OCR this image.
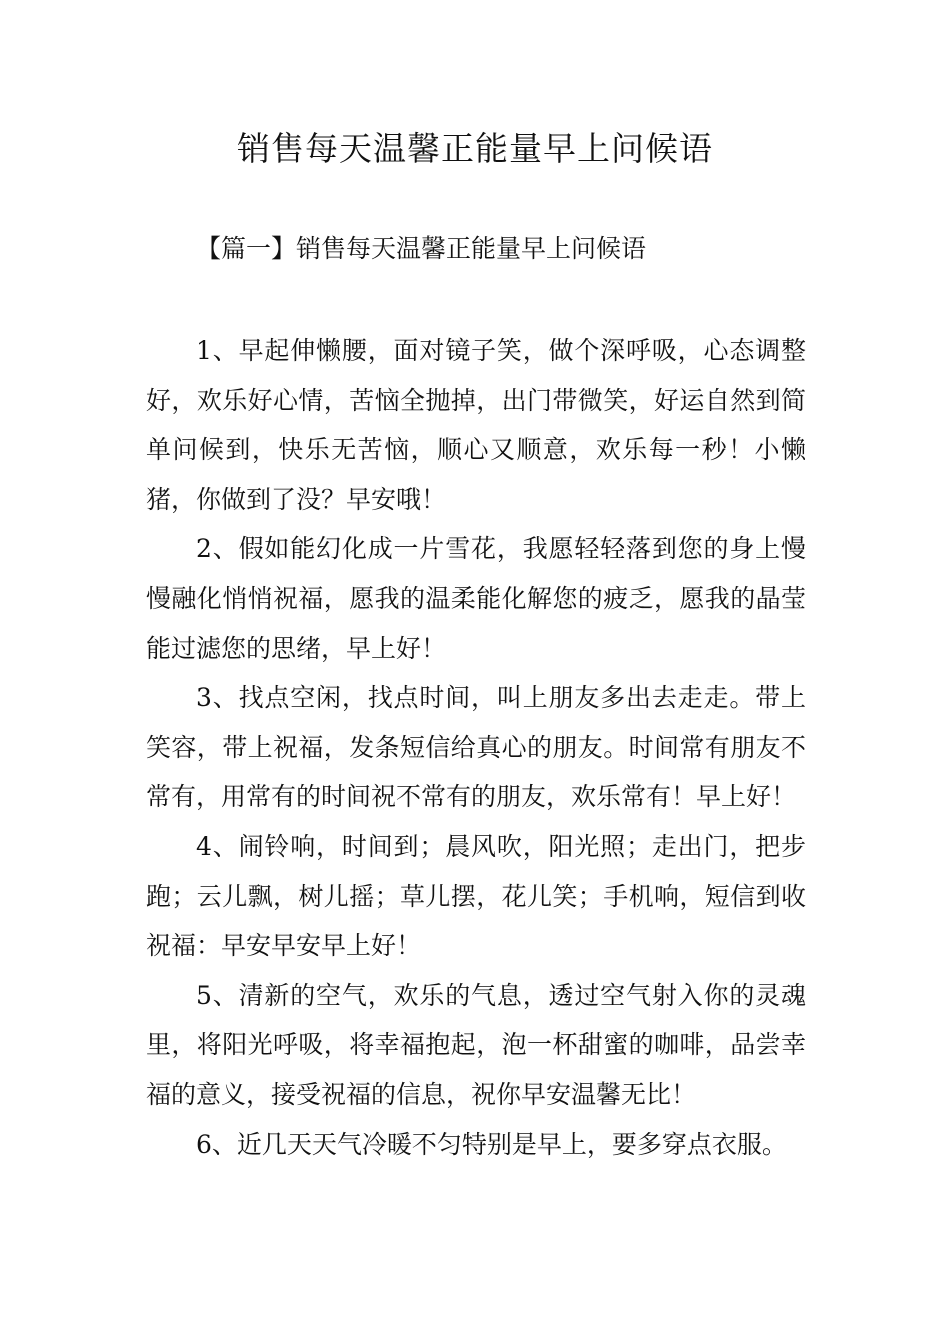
销售每天温馨正能量早上问候语

【篇一】销售每天温馨正能量早上问候语

1、早起伸懒腰，面对镜子笑，做个深呼吸，心态调整好，欢乐好心情，苦恼全抛掉，出门带微笑，好运自然到简单问候到，快乐无苦恼，顺心又顺意，欢乐每一秒！小懒猪，你做到了没？早安哦！

2、假如能幻化成一片雪花，我愿轻轻落到您的身上慢慢融化悄悄祝福，愿我的温柔能化解您的疲乏，愿我的晶莹能过滤您的思绪，早上好！

3、找点空闲，找点时间，叫上朋友多出去走走。带上笑容，带上祝福，发条短信给真心的朋友。时间常有朋友不常有，用常有的时间祝不常有的朋友，欢乐常有！早上好！

4、闹铃响，时间到；晨风吹，阳光照；走出门，把步跑；云儿飘，树儿摇；草儿摆，花儿笑；手机响，短信到收祝福：早安早安早上好！

5、清新的空气，欢乐的气息，透过空气射入你的灵魂里，将阳光呼吸，将幸福抱起，泡一杯甜蜜的咖啡，品尝幸福的意义，接受祝福的信息，祝你早安温馨无比！

6、近几天天气冷暖不匀特别是早上，要多穿点衣服。
